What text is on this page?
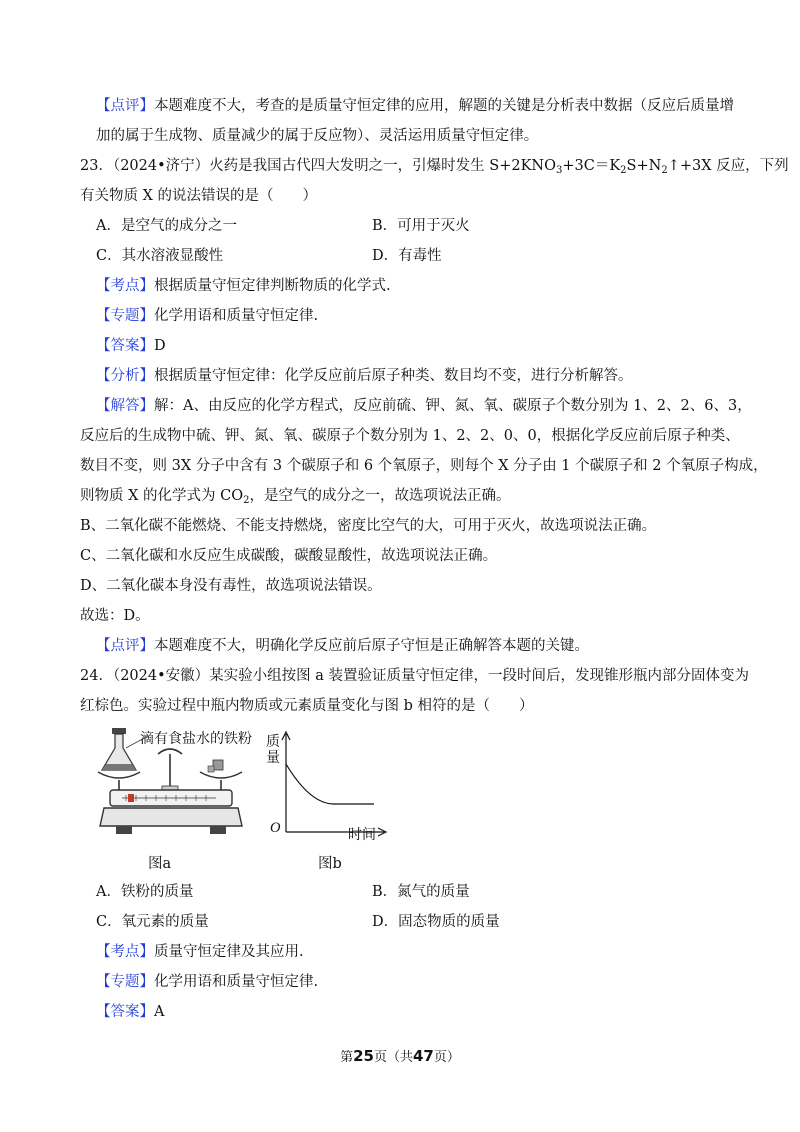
【点评】本题难度不大，考查的是质量守恒定律的应用，解题的关键是分析表中数据（反应后质量增
加的属于生成物、质量减少的属于反应物）、灵活运用质量守恒定律。
23．（2024•济宁）火药是我国古代四大发明之一，引爆时发生 $S+2KNO_3+3C=K_2S+N_2↑+3X$ 反应，下列
有关物质 X 的说法错误的是（　　）
A．是空气的成分之一	B．可用于灭火
C．其水溶液显酸性	D．有毒性
【考点】根据质量守恒定律判断物质的化学式.
【专题】化学用语和质量守恒定律.
【答案】D
【分析】根据质量守恒定律：化学反应前后原子种类、数目均不变，进行分析解答。
【解答】解：A、由反应的化学方程式，反应前硫、钾、氮、氧、碳原子个数分别为 1、2、2、6、3，
反应后的生成物中硫、钾、氮、氧、碳原子个数分别为 1、2、2、0、0，根据化学反应前后原子种类、
数目不变，则 3X 分子中含有 3 个碳原子和 6 个氧原子，则每个 X 分子由 1 个碳原子和 2 个氧原子构成，
则物质 X 的化学式为 $CO_2$，是空气的成分之一，故选项说法正确。
B、二氧化碳不能燃烧、不能支持燃烧，密度比空气的大，可用于灭火，故选项说法正确。
C、二氧化碳和水反应生成碳酸，碳酸显酸性，故选项说法正确。
D、二氧化碳本身没有毒性，故选项说法错误。
故选：D。
【点评】本题难度不大，明确化学反应前后原子守恒是正确解答本题的关键。
24．（2024•安徽）某实验小组按图 a 装置验证质量守恒定律，一段时间后，发现锥形瓶内部分固体变为
红棕色。实验过程中瓶内物质或元素质量变化与图 b 相符的是（　　）
滴有食盐水的铁粉
图a
质量
O	时间
图b
A．铁粉的质量	B．氮气的质量
C．氧元素的质量	D．固态物质的质量
【考点】质量守恒定律及其应用.
【专题】化学用语和质量守恒定律.
【答案】A
第25页（共47页）
